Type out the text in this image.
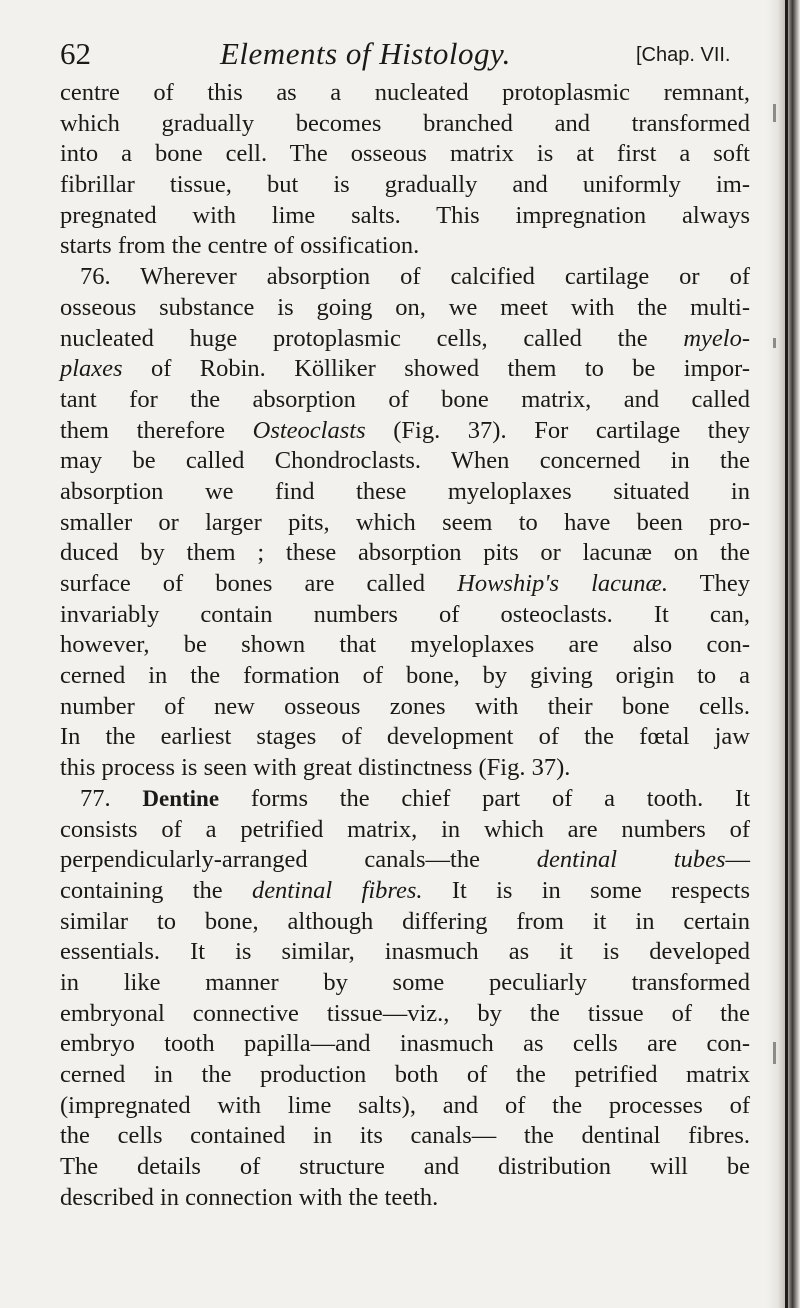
62	Elements of Histology.	[Chap. VII.
centre of this as a nucleated protoplasmic remnant,
which gradually becomes branched and transformed
into a bone cell. The osseous matrix is at first a soft
fibrillar tissue, but is gradually and uniformly im-
pregnated with lime salts. This impregnation always
starts from the centre of ossification.
76. Wherever absorption of calcified cartilage or of
osseous substance is going on, we meet with the multi-
nucleated huge protoplasmic cells, called the myelo-
plaxes of Robin. Kölliker showed them to be impor-
tant for the absorption of bone matrix, and called
them therefore Osteoclasts (Fig. 37). For cartilage they
may be called Chondroclasts. When concerned in the
absorption we find these myeloplaxes situated in
smaller or larger pits, which seem to have been pro-
duced by them ; these absorption pits or lacunæ on the
surface of bones are called Howship's lacunæ. They
invariably contain numbers of osteoclasts. It can,
however, be shown that myeloplaxes are also con-
cerned in the formation of bone, by giving origin to a
number of new osseous zones with their bone cells.
In the earliest stages of development of the fœtal jaw
this process is seen with great distinctness (Fig. 37).
77. Dentine forms the chief part of a tooth. It
consists of a petrified matrix, in which are numbers of
perpendicularly-arranged canals—the dentinal tubes—
containing the dentinal fibres. It is in some respects
similar to bone, although differing from it in certain
essentials. It is similar, inasmuch as it is developed
in like manner by some peculiarly transformed
embryonal connective tissue—viz., by the tissue of the
embryo tooth papilla—and inasmuch as cells are con-
cerned in the production both of the petrified matrix
(impregnated with lime salts), and of the processes of
the cells contained in its canals— the dentinal fibres.
The details of structure and distribution will be
described in connection with the teeth.
